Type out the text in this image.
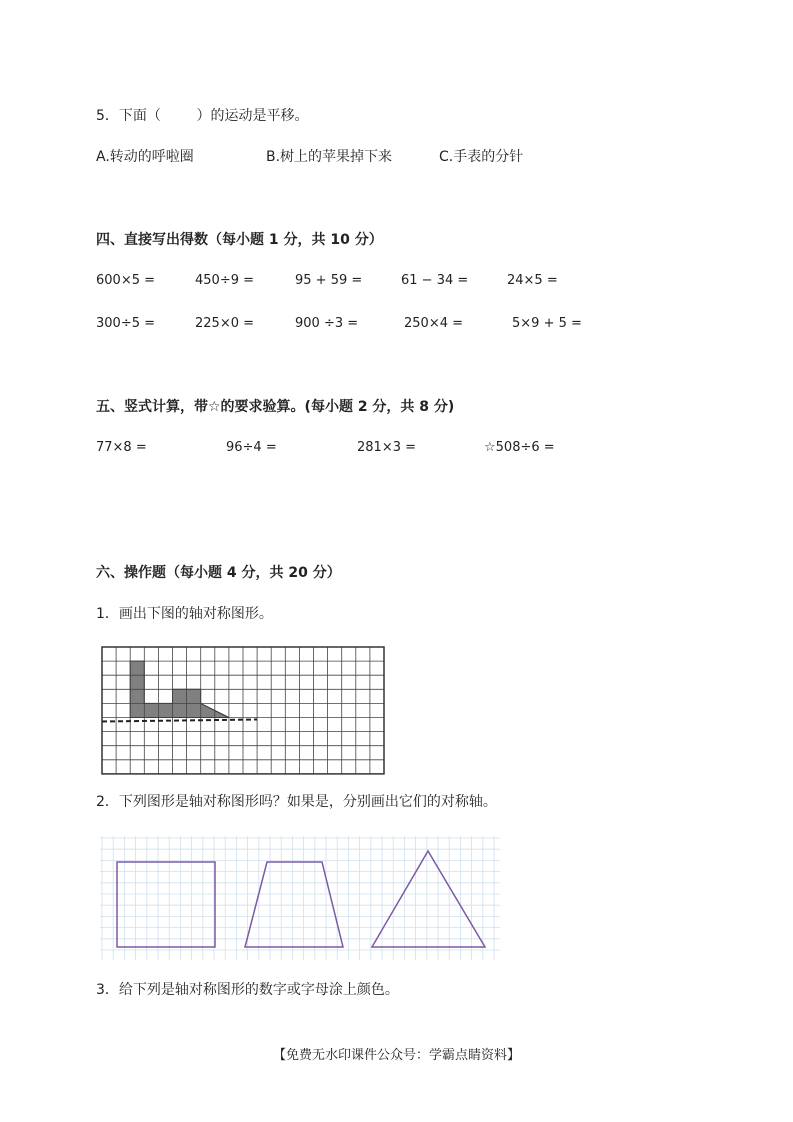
5．下面（        ）的运动是平移。
A.转动的呼啦圈	B.树上的苹果掉下来	C.手表的分针
四、直接写出得数（每小题 1 分，共 10 分）
600×5 =	450÷9 =	95 + 59 =	61 − 34 =	24×5 =
300÷5 =	225×0 =	900 ÷3 =	250×4 =	5×9 + 5 =
五、竖式计算，带☆的要求验算。(每小题 2 分，共 8 分)
77×8 =	96÷4 =	281×3 =	☆508÷6 =
六、操作题（每小题 4 分，共 20 分）
1．画出下图的轴对称图形。
2．下列图形是轴对称图形吗？如果是，分别画出它们的对称轴。
3．给下列是轴对称图形的数字或字母涂上颜色。
【免费无水印课件公众号：学霸点睛资料】
